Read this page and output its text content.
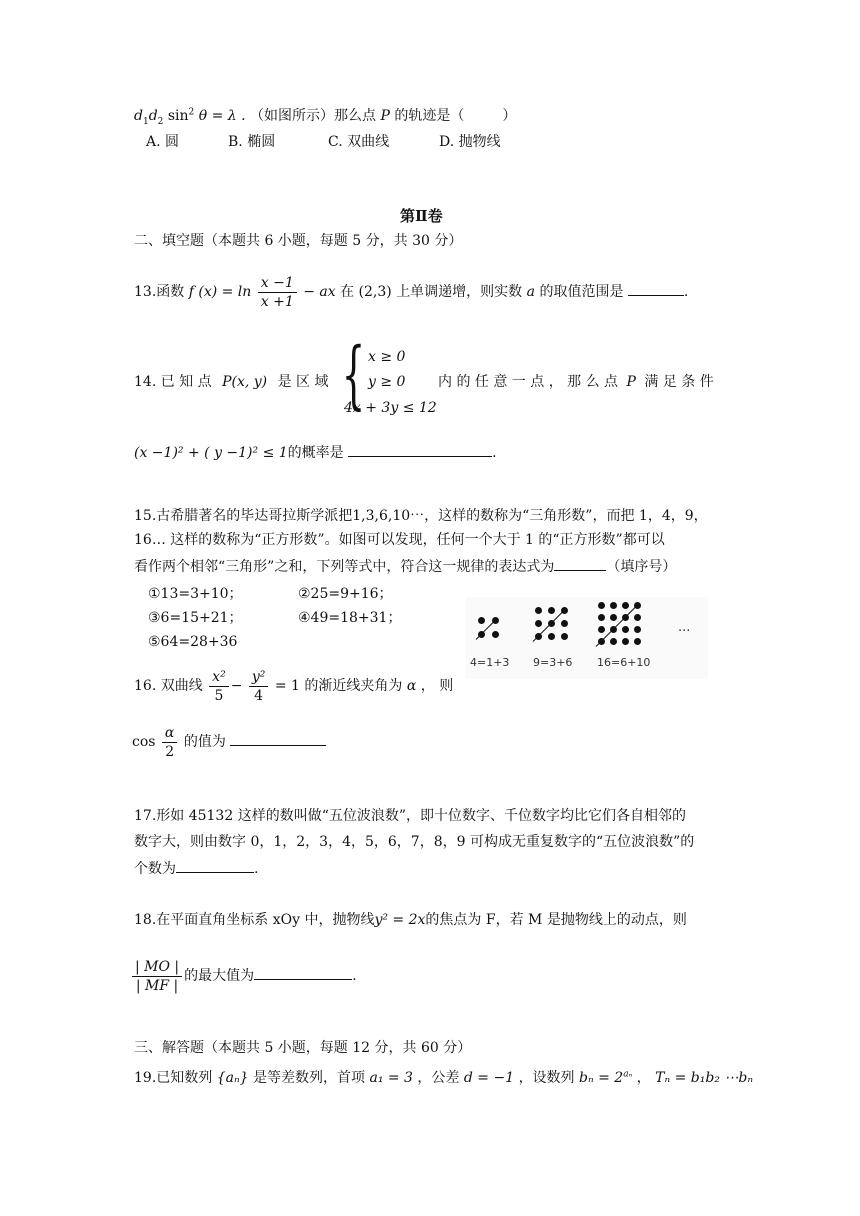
$d_1d_2$ $\sin^2 \theta = \lambda$ . （如图所示）那么点 P 的轨迹是（	）
A. 圆	B. 椭圆	C. 双曲线	D. 抛物线
第Ⅱ卷
二、填空题（本题共 6 小题，每题 5 分，共 30 分）
13.函数 f $(x) = \ln \frac{x -1}{x +1}$ − ax 在 (2,3) 上单调递增，则实数 a 的取值范围是	.
14. 已 知 点 P(x, y) 是 区 域 { x ≥ 0
y ≥ 0
4x + 3y ≤ 12
内 的 任 意 一 点 ， 那 么 点 P 满 足 条 件
(x −1)² + ( y −1)² ≤ 1的概率是	.
15.古希腊著名的毕达哥拉斯学派把1,3,6,10⋯，这样的数称为“三角形数”，而把 1，4，9，
16… 这样的数称为“正方形数”。如图可以发现，任何一个大于 1 的“正方形数”都可以
看作两个相邻“三角形”之和，下列等式中，符合这一规律的表达式为	（填序号）
①13=3+10；	②25=9+16；
③6=15+21；	④49=18+31；
⑤64=28+36
4=1+3 9=3+6 16=6+10
···
16. 双曲线 $\frac{\text{x²}}{5} - \frac{\text{y²}}{4} = 1$ 的渐近线夹角为 α ， 则
$\cos \frac{\alpha}{2}$ 的值为
17.形如 45132 这样的数叫做“五位波浪数”，即十位数字、千位数字均比它们各自相邻的
数字大，则由数字 0，1，2，3，4，5，6，7，8，9 可构成无重复数字的“五位波浪数”的
个数为	.
18.在平面直角坐标系 xOy 中，抛物线y² = 2x的焦点为 F，若 M 是抛物线上的动点，则
$\frac{| MO |}{| MF |}$ 的最大值为	.
三、解答题（本题共 5 小题，每题 12 分，共 60 分）
19.已知数列 {aₙ} 是等差数列，首项 a₁ = 3 ，公差 d = −1 ，设数列 $b_n = 2^{a_n}$ ， Tₙ = b₁b₂ ⋯bₙ
